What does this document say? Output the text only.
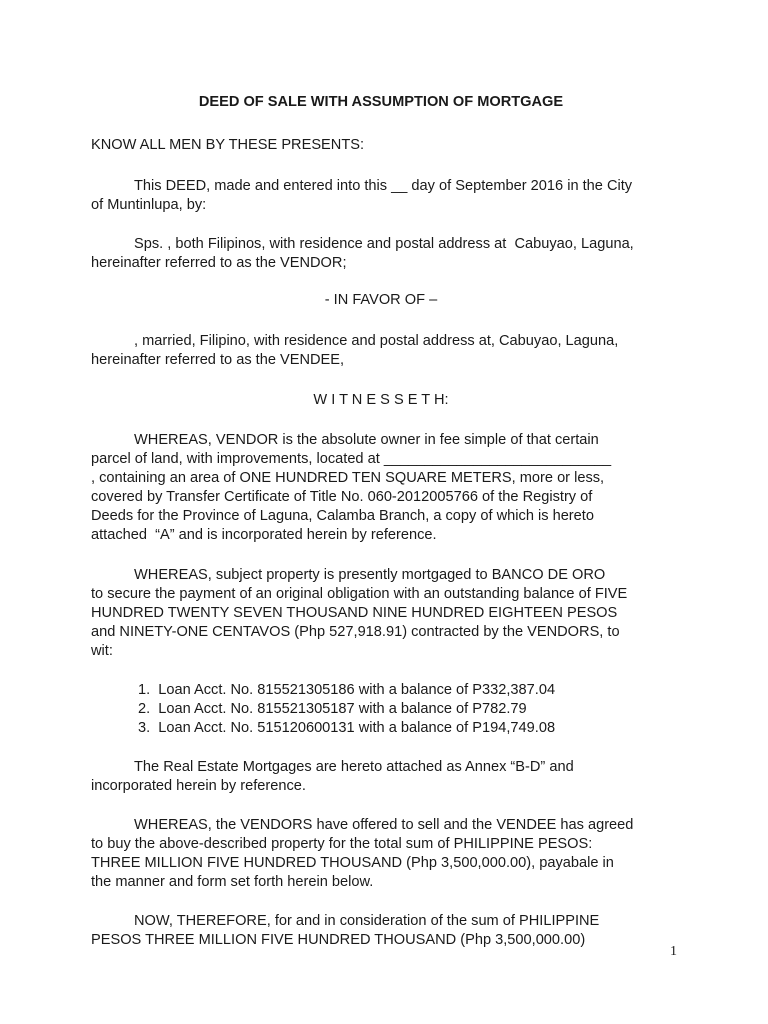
DEED OF SALE WITH ASSUMPTION OF MORTGAGE

KNOW ALL MEN BY THESE PRESENTS:

This DEED, made and entered into this __ day of September 2016 in the City

of Muntinlupa, by:

Sps. , both Filipinos, with residence and postal address at  Cabuyao, Laguna,

hereinafter referred to as the VENDOR;

- IN FAVOR OF –

, married, Filipino, with residence and postal address at, Cabuyao, Laguna,

hereinafter referred to as the VENDEE,

W I T N E S S E T H:

WHEREAS, VENDOR is the absolute owner in fee simple of that certain

parcel of land, with improvements, located at ____________________________

, containing an area of ONE HUNDRED TEN SQUARE METERS, more or less,

covered by Transfer Certificate of Title No. 060-2012005766 of the Registry of

Deeds for the Province of Laguna, Calamba Branch, a copy of which is hereto

attached  “A” and is incorporated herein by reference.

WHEREAS, subject property is presently mortgaged to BANCO DE ORO

to secure the payment of an original obligation with an outstanding balance of FIVE

HUNDRED TWENTY SEVEN THOUSAND NINE HUNDRED EIGHTEEN PESOS

and NINETY-ONE CENTAVOS (Php 527,918.91) contracted by the VENDORS, to

wit:

1.  Loan Acct. No. 815521305186 with a balance of P332,387.04

2.  Loan Acct. No. 815521305187 with a balance of P782.79

3.  Loan Acct. No. 515120600131 with a balance of P194,749.08

The Real Estate Mortgages are hereto attached as Annex “B-D” and

incorporated herein by reference.

WHEREAS, the VENDORS have offered to sell and the VENDEE has agreed

to buy the above-described property for the total sum of PHILIPPINE PESOS:

THREE MILLION FIVE HUNDRED THOUSAND (Php 3,500,000.00), payabale in

the manner and form set forth herein below.

NOW, THEREFORE, for and in consideration of the sum of PHILIPPINE

PESOS THREE MILLION FIVE HUNDRED THOUSAND (Php 3,500,000.00)

1
